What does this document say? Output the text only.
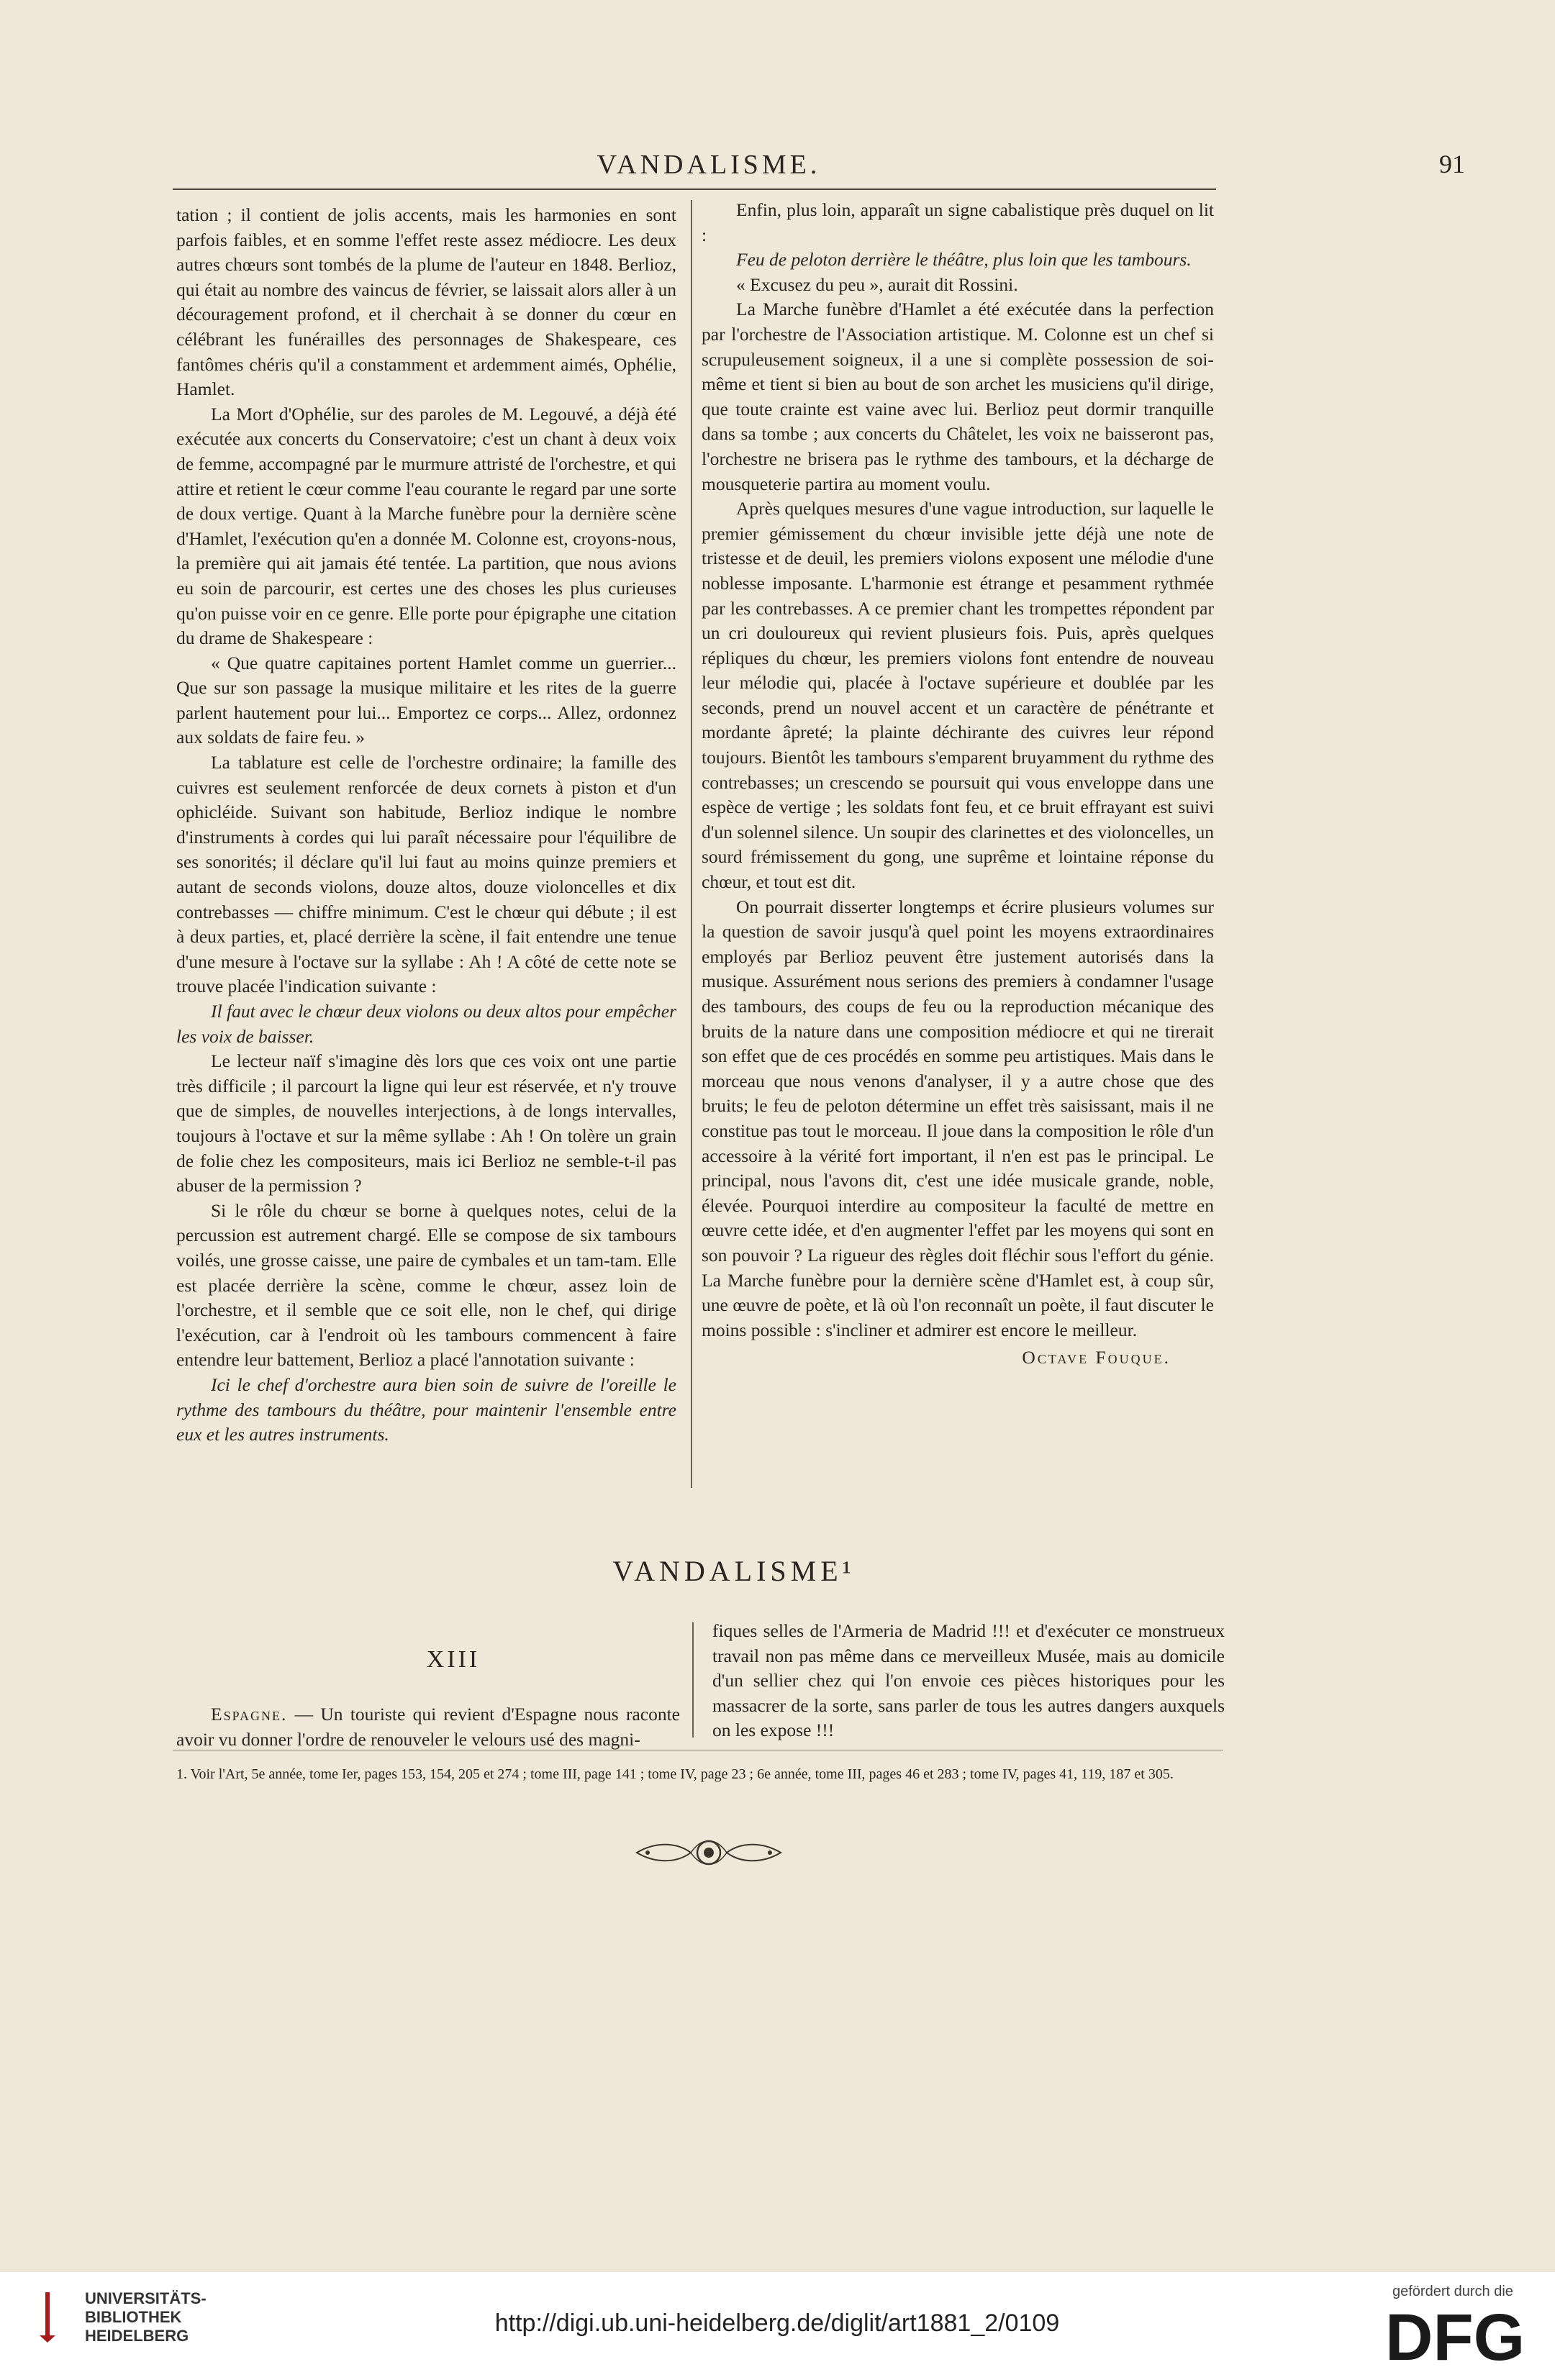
VANDALISME.	91

tation ; il contient de jolis accents, mais les harmonies en sont parfois faibles, et en somme l'effet reste assez médiocre. Les deux autres chœurs sont tombés de la plume de l'auteur en 1848. Berlioz, qui était au nombre des vaincus de février, se laissait alors aller à un découragement profond, et il cherchait à se donner du cœur en célébrant les funérailles des personnages de Shakespeare, ces fantômes chéris qu'il a constamment et ardemment aimés, Ophélie, Hamlet.

La Mort d'Ophélie, sur des paroles de M. Legouvé, a déjà été exécutée aux concerts du Conservatoire; c'est un chant à deux voix de femme, accompagné par le murmure attristé de l'orchestre, et qui attire et retient le cœur comme l'eau courante le regard par une sorte de doux vertige. Quant à la Marche funèbre pour la dernière scène d'Hamlet, l'exécution qu'en a donnée M. Colonne est, croyons-nous, la première qui ait jamais été tentée. La partition, que nous avions eu soin de parcourir, est certes une des choses les plus curieuses qu'on puisse voir en ce genre. Elle porte pour épigraphe une citation du drame de Shakespeare :

« Que quatre capitaines portent Hamlet comme un guerrier... Que sur son passage la musique militaire et les rites de la guerre parlent hautement pour lui... Emportez ce corps... Allez, ordonnez aux soldats de faire feu. »

La tablature est celle de l'orchestre ordinaire; la famille des cuivres est seulement renforcée de deux cornets à piston et d'un ophicléide. Suivant son habitude, Berlioz indique le nombre d'instruments à cordes qui lui paraît nécessaire pour l'équilibre de ses sonorités; il déclare qu'il lui faut au moins quinze premiers et autant de seconds violons, douze altos, douze violoncelles et dix contrebasses — chiffre minimum. C'est le chœur qui débute ; il est à deux parties, et, placé derrière la scène, il fait entendre une tenue d'une mesure à l'octave sur la syllabe : Ah ! A côté de cette note se trouve placée l'indication suivante :

Il faut avec le chœur deux violons ou deux altos pour empêcher les voix de baisser.

Le lecteur naïf s'imagine dès lors que ces voix ont une partie très difficile ; il parcourt la ligne qui leur est réservée, et n'y trouve que de simples, de nouvelles interjections, à de longs intervalles, toujours à l'octave et sur la même syllabe : Ah ! On tolère un grain de folie chez les compositeurs, mais ici Berlioz ne semble-t-il pas abuser de la permission ?

Si le rôle du chœur se borne à quelques notes, celui de la percussion est autrement chargé. Elle se compose de six tambours voilés, une grosse caisse, une paire de cymbales et un tam-tam. Elle est placée derrière la scène, comme le chœur, assez loin de l'orchestre, et il semble que ce soit elle, non le chef, qui dirige l'exécution, car à l'endroit où les tambours commencent à faire entendre leur battement, Berlioz a placé l'annotation suivante :

Ici le chef d'orchestre aura bien soin de suivre de l'oreille le rythme des tambours du théâtre, pour maintenir l'ensemble entre eux et les autres instruments.

Enfin, plus loin, apparaît un signe cabalistique près duquel on lit :

Feu de peloton derrière le théâtre, plus loin que les tambours.

« Excusez du peu », aurait dit Rossini.

La Marche funèbre d'Hamlet a été exécutée dans la perfection par l'orchestre de l'Association artistique. M. Colonne est un chef si scrupuleusement soigneux, il a une si complète possession de soi-même et tient si bien au bout de son archet les musiciens qu'il dirige, que toute crainte est vaine avec lui. Berlioz peut dormir tranquille dans sa tombe ; aux concerts du Châtelet, les voix ne baisseront pas, l'orchestre ne brisera pas le rythme des tambours, et la décharge de mousqueterie partira au moment voulu.

Après quelques mesures d'une vague introduction, sur laquelle le premier gémissement du chœur invisible jette déjà une note de tristesse et de deuil, les premiers violons exposent une mélodie d'une noblesse imposante. L'harmonie est étrange et pesamment rythmée par les contrebasses. A ce premier chant les trompettes répondent par un cri douloureux qui revient plusieurs fois. Puis, après quelques répliques du chœur, les premiers violons font entendre de nouveau leur mélodie qui, placée à l'octave supérieure et doublée par les seconds, prend un nouvel accent et un caractère de pénétrante et mordante âpreté; la plainte déchirante des cuivres leur répond toujours. Bientôt les tambours s'emparent bruyamment du rythme des contrebasses; un crescendo se poursuit qui vous enveloppe dans une espèce de vertige ; les soldats font feu, et ce bruit effrayant est suivi d'un solennel silence. Un soupir des clarinettes et des violoncelles, un sourd frémissement du gong, une suprême et lointaine réponse du chœur, et tout est dit.

On pourrait disserter longtemps et écrire plusieurs volumes sur la question de savoir jusqu'à quel point les moyens extraordinaires employés par Berlioz peuvent être justement autorisés dans la musique. Assurément nous serions des premiers à condamner l'usage des tambours, des coups de feu ou la reproduction mécanique des bruits de la nature dans une composition médiocre et qui ne tirerait son effet que de ces procédés en somme peu artistiques. Mais dans le morceau que nous venons d'analyser, il y a autre chose que des bruits; le feu de peloton détermine un effet très saisissant, mais il ne constitue pas tout le morceau. Il joue dans la composition le rôle d'un accessoire à la vérité fort important, il n'en est pas le principal. Le principal, nous l'avons dit, c'est une idée musicale grande, noble, élevée. Pourquoi interdire au compositeur la faculté de mettre en œuvre cette idée, et d'en augmenter l'effet par les moyens qui sont en son pouvoir ? La rigueur des règles doit fléchir sous l'effort du génie. La Marche funèbre pour la dernière scène d'Hamlet est, à coup sûr, une œuvre de poète, et là où l'on reconnaît un poète, il faut discuter le moins possible : s'incliner et admirer est encore le meilleur.

Octave Fouque.
VANDALISME¹
XIII

Espagne. — Un touriste qui revient d'Espagne nous raconte avoir vu donner l'ordre de renouveler le velours usé des magni-

fiques selles de l'Armeria de Madrid !!! et d'exécuter ce monstrueux travail non pas même dans ce merveilleux Musée, mais au domicile d'un sellier chez qui l'on envoie ces pièces historiques pour les massacrer de la sorte, sans parler de tous les autres dangers auxquels on les expose !!!

1. Voir l'Art, 5e année, tome Ier, pages 153, 154, 205 et 274 ; tome III, page 141 ; tome IV, page 23 ; 6e année, tome III, pages 46 et 283 ; tome IV, pages 41, 119, 187 et 305.
UNIVERSITÄTS-
BIBLIOTHEK
HEIDELBERG	http://digi.ub.uni-heidelberg.de/diglit/art1881_2/0109
gefördert durch die
DFG
